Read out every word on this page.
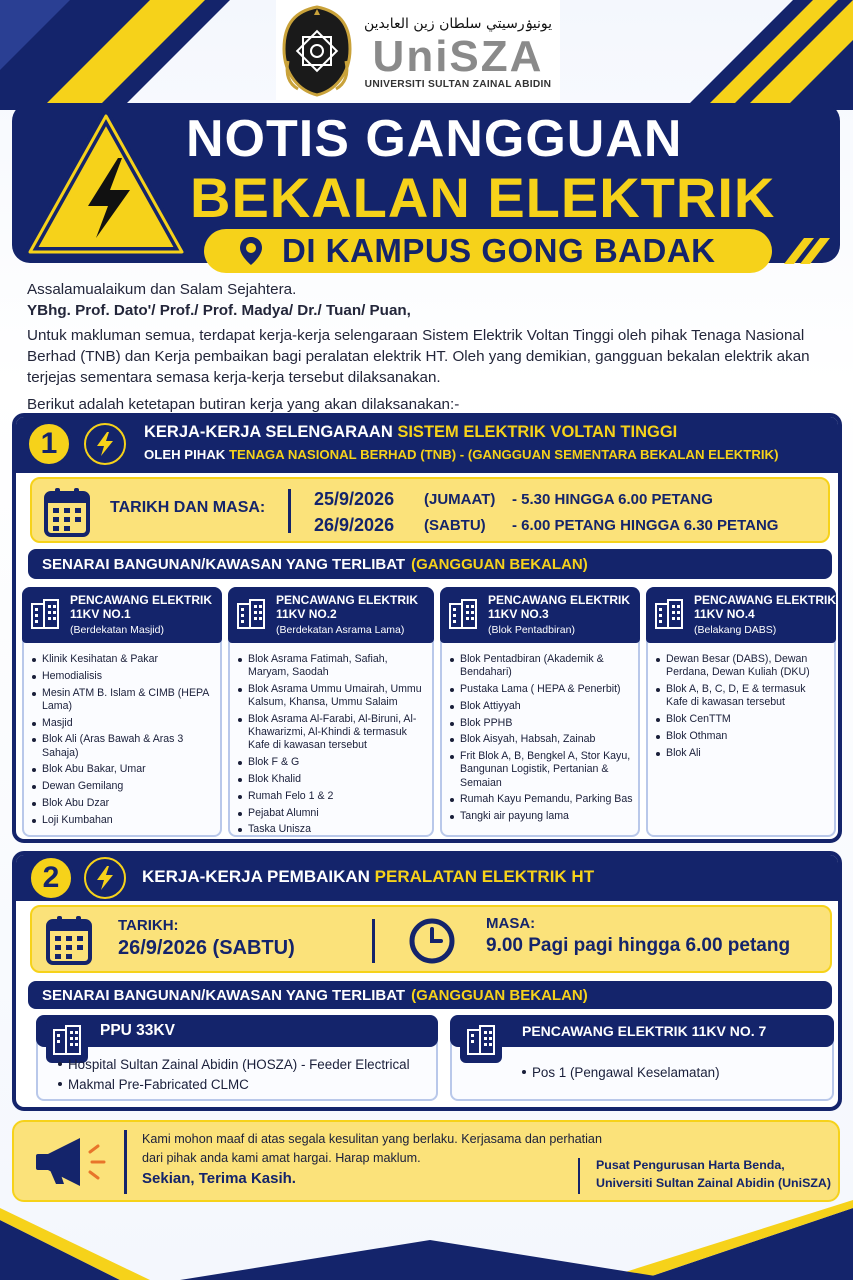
يونيۏرسيتي سلطان زين العابدين
UniSZA
UNIVERSITI SULTAN ZAINAL ABIDIN
NOTIS GANGGUAN
BEKALAN ELEKTRIK
DI KAMPUS GONG BADAK

Assalamualaikum dan Salam Sejahtera.

YBhg. Prof. Dato'/ Prof./ Prof. Madya/ Dr./ Tuan/ Puan,

Untuk makluman semua, terdapat kerja-kerja selengaraan Sistem Elektrik Voltan Tinggi oleh pihak Tenaga Nasional Berhad (TNB) dan Kerja pembaikan bagi peralatan elektrik HT. Oleh yang demikian, gangguan bekalan elektrik akan terjejas sementara semasa kerja-kerja tersebut dilaksanakan.

Berikut adalah ketetapan butiran kerja yang akan dilaksanakan:-

1	KERJA-KERJA SELENGARAAN SISTEM ELEKTRIK VOLTAN TINGGI
OLEH PIHAK TENAGA NASIONAL BERHAD (TNB) - (GANGGUAN SEMENTARA BEKALAN ELEKTRIK)
TARIKH DAN MASA:	25/9/2026 (JUMAAT) - 5.30 HINGGA 6.00 PETANG
26/9/2026 (SABTU) - 6.00 PETANG HINGGA 6.30 PETANG
SENARAI BANGUNAN/KAWASAN YANG TERLIBAT (GANGGUAN BEKALAN)
PENCAWANG ELEKTRIK
11KV NO.1
(Berdekatan Masjid)
Klinik Kesihatan & Pakar
Hemodialisis
Mesin ATM B. Islam & CIMB (HEPA Lama)
Masjid
Blok Ali (Aras Bawah & Aras 3 Sahaja)
Blok Abu Bakar, Umar
Dewan Gemilang
Blok Abu Dzar
Loji Kumbahan
PENCAWANG ELEKTRIK
11KV NO.2
(Berdekatan Asrama Lama)
Blok Asrama Fatimah, Safiah, Maryam, Saodah
Blok Asrama Ummu Umairah, Ummu Kalsum, Khansa, Ummu Salaim
Blok Asrama Al-Farabi, Al-Biruni, Al-Khawarizmi, Al-Khindi & termasuk Kafe di kawasan tersebut
Blok F & G
Blok Khalid
Rumah Felo 1 & 2
Pejabat Alumni
Taska Unisza
PENCAWANG ELEKTRIK
11KV NO.3
(Blok Pentadbiran)
Blok Pentadbiran (Akademik & Bendahari)
Pustaka Lama ( HEPA & Penerbit)
Blok Attiyyah
Blok PPHB
Blok Aisyah, Habsah, Zainab
Frit Blok A, B, Bengkel A, Stor Kayu, Bangunan Logistik, Pertanian & Semaian
Rumah Kayu Pemandu, Parking Bas
Tangki air payung lama
PENCAWANG ELEKTRIK
11KV NO.4
(Belakang DABS)
Dewan Besar (DABS), Dewan Perdana, Dewan Kuliah (DKU)
Blok A, B, C, D, E & termasuk Kafe di kawasan tersebut
Blok CenTTM
Blok Othman
Blok Ali
2	KERJA-KERJA PEMBAIKAN PERALATAN ELEKTRIK HT
TARIKH:
26/9/2026 (SABTU)
MASA:
9.00 Pagi pagi hingga 6.00 petang
SENARAI BANGUNAN/KAWASAN YANG TERLIBAT (GANGGUAN BEKALAN)
PPU 33KV
Hospital Sultan Zainal Abidin (HOSZA) - Feeder Electrical
Makmal Pre-Fabricated CLMC
PENCAWANG ELEKTRIK 11KV NO. 7
Pos 1 (Pengawal Keselamatan)
Kami mohon maaf di atas segala kesulitan yang berlaku. Kerjasama dan perhatian dari pihak anda kami amat hargai. Harap maklum.
Sekian, Terima Kasih.
Pusat Pengurusan Harta Benda,
Universiti Sultan Zainal Abidin (UniSZA)
